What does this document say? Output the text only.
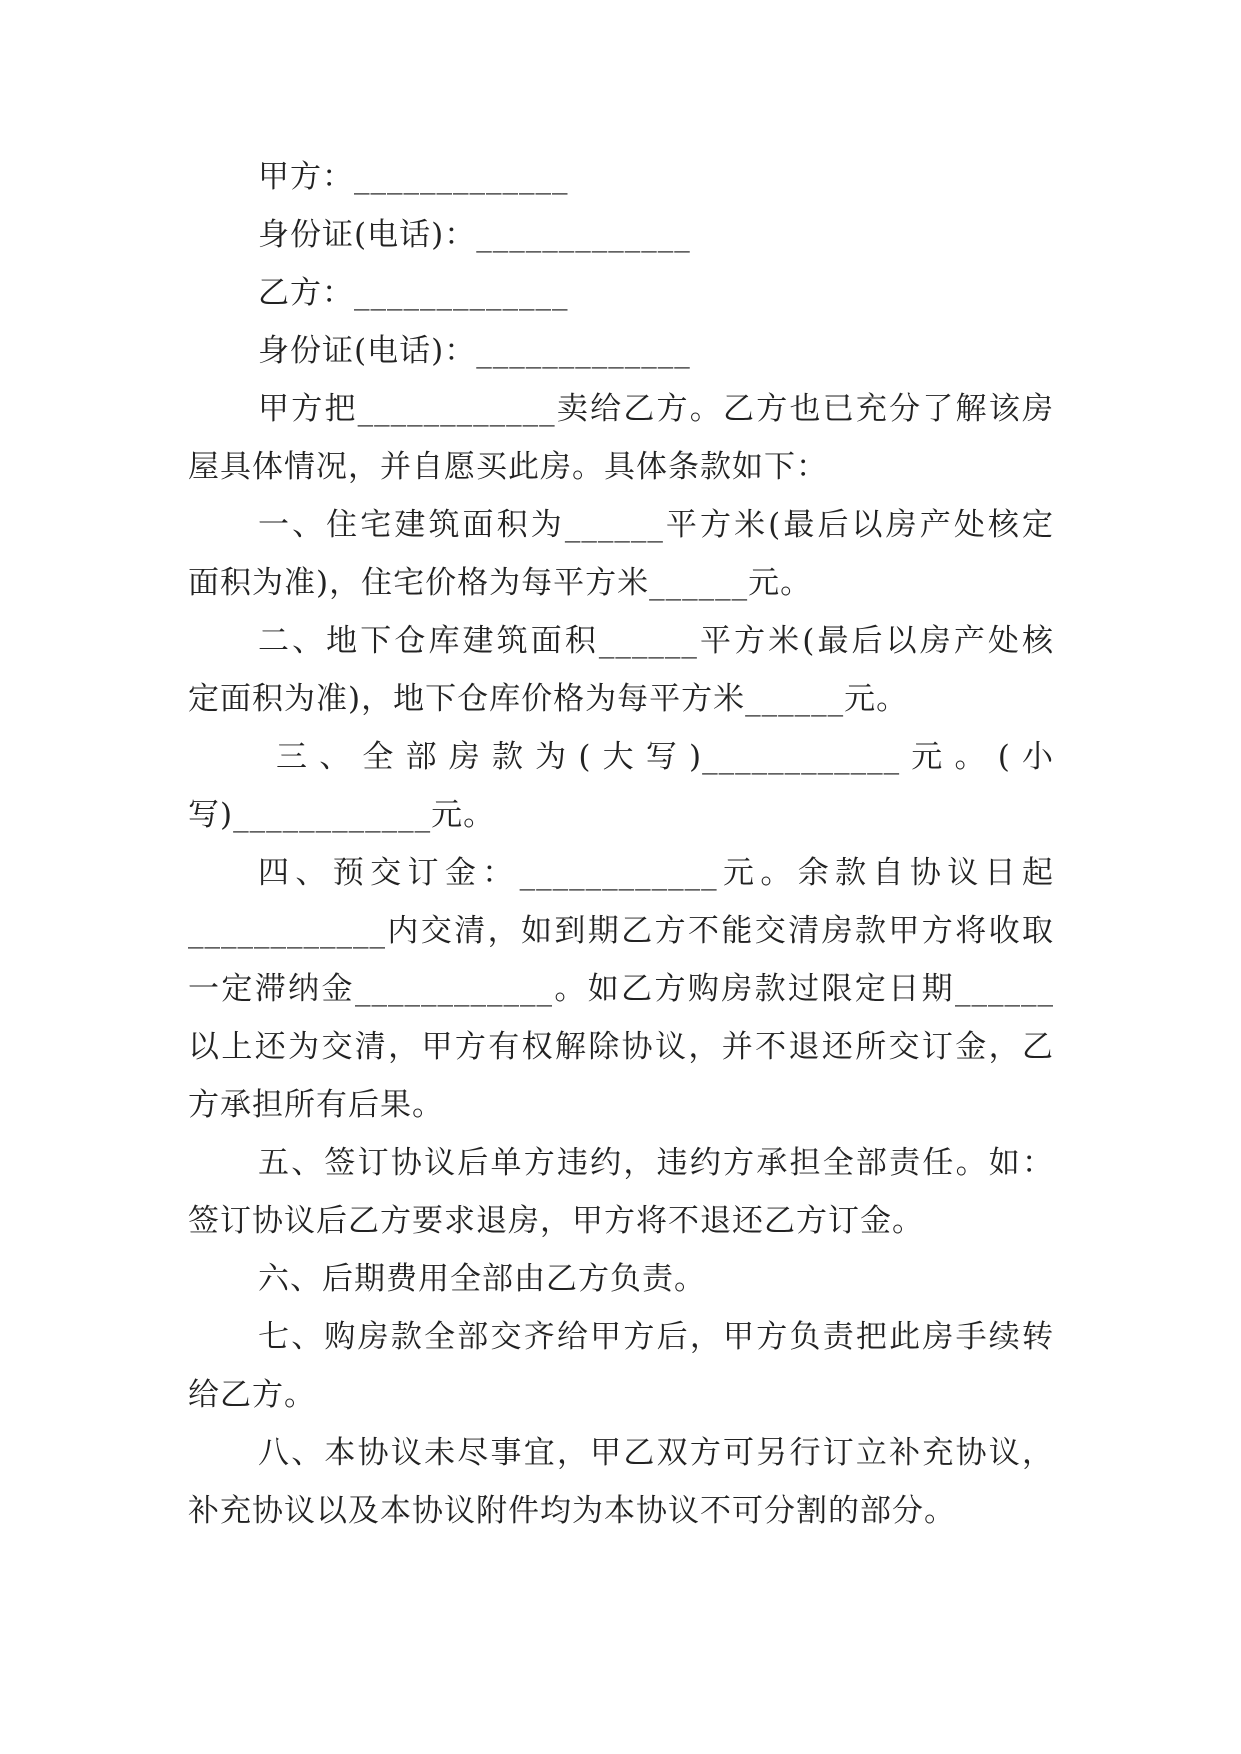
甲方：_____________
身份证(电话)：_____________
乙方：_____________
身份证(电话)：_____________
甲方把____________卖给乙方。乙方也已充分了解该房
屋具体情况，并自愿买此房。具体条款如下：
一、住宅建筑面积为______平方米(最后以房产处核定
面积为准)，住宅价格为每平方米______元。
二、地下仓库建筑面积______平方米(最后以房产处核
定面积为准)，地下仓库价格为每平方米______元。
三、全部房款为(大写)____________元。(小
写)____________元。
四、预交订金：____________元。余款自协议日起
____________内交清，如到期乙方不能交清房款甲方将收取
一定滞纳金____________。如乙方购房款过限定日期______
以上还为交清，甲方有权解除协议，并不退还所交订金，乙
方承担所有后果。
五、签订协议后单方违约，违约方承担全部责任。如：
签订协议后乙方要求退房，甲方将不退还乙方订金。
六、后期费用全部由乙方负责。
七、购房款全部交齐给甲方后，甲方负责把此房手续转
给乙方。
八、本协议未尽事宜，甲乙双方可另行订立补充协议，
补充协议以及本协议附件均为本协议不可分割的部分。
